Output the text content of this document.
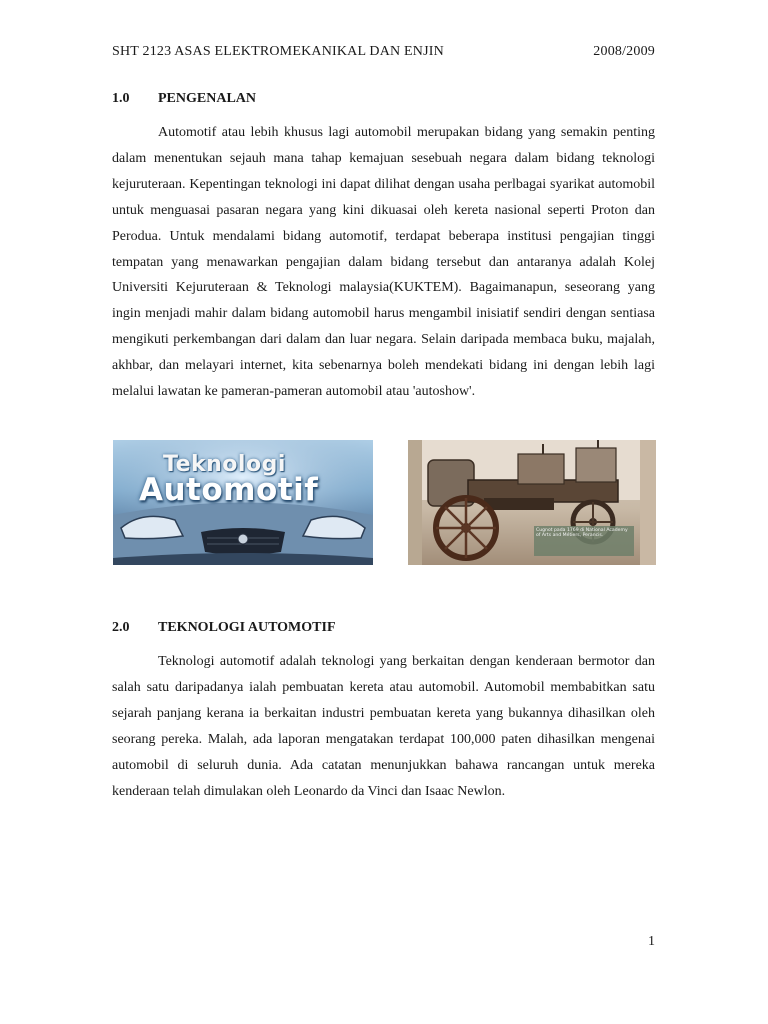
SHT 2123 ASAS ELEKTROMEKANIKAL DAN ENJIN	2008/2009
1.0	PENGENALAN

Automotif atau lebih khusus lagi automobil merupakan bidang yang semakin penting dalam menentukan sejauh mana tahap kemajuan sesebuah negara dalam bidang teknologi kejuruteraan. Kepentingan teknologi ini dapat dilihat dengan usaha perlbagai syarikat automobil untuk menguasai pasaran negara yang kini dikuasai oleh kereta nasional seperti Proton dan Perodua. Untuk mendalami bidang automotif, terdapat beberapa institusi pengajian tinggi tempatan yang menawarkan pengajian dalam bidang tersebut dan antaranya adalah Kolej Universiti Kejuruteraan & Teknologi malaysia(KUKTEM). Bagaimanapun, seseorang yang ingin menjadi mahir dalam bidang automobil harus mengambil inisiatif sendiri dengan sentiasa mengikuti perkembangan dari dalam dan luar negara. Selain daripada membaca buku, majalah, akhbar, dan melayari internet, kita sebenarnya boleh mendekati bidang ini dengan lebih lagi melalui lawatan ke pameran-pameran automobil atau 'autoshow'.

Teknologi
Automotif
Cugnot pada 1769 di National Academy of Arts and Métiers, Perancis.
2.0	TEKNOLOGI AUTOMOTIF

Teknologi automotif adalah teknologi yang berkaitan dengan kenderaan bermotor dan salah satu daripadanya ialah pembuatan kereta atau automobil. Automobil membabitkan satu sejarah panjang kerana ia berkaitan industri pembuatan kereta yang bukannya dihasilkan oleh seorang pereka. Malah, ada laporan mengatakan terdapat 100,000 paten dihasilkan mengenai automobil di seluruh dunia. Ada catatan menunjukkan bahawa rancangan untuk mereka kenderaan telah dimulakan oleh Leonardo da Vinci dan Isaac Newlon.

1
